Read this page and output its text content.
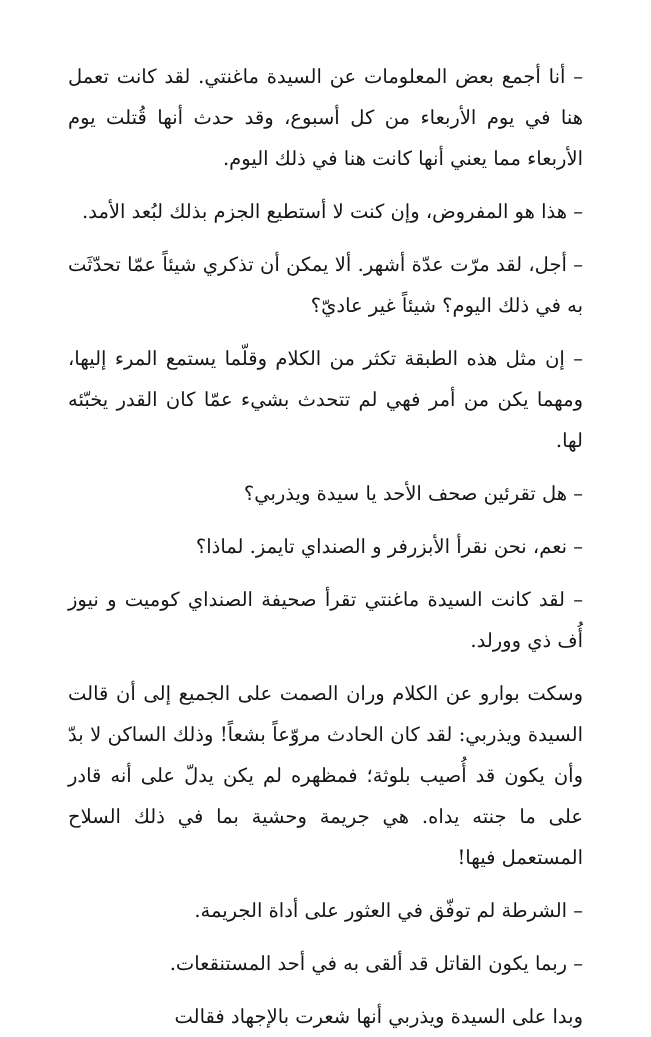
– أنا أجمع بعض المعلومات عن السيدة ماغنتي. لقد كانت تعمل هنا في يوم الأربعاء من كل أسبوع، وقد حدث أنها قُتلت يوم الأربعاء مما يعني أنها كانت هنا في ذلك اليوم.

– هذا هو المفروض، وإن كنت لا أستطيع الجزم بذلك لبُعد الأمد.

– أجل، لقد مرّت عدّة أشهر. ألا يمكن أن تذكري شيئاً عمّا تحدّثَت به في ذلك اليوم؟ شيئاً غير عاديّ؟

– إن مثل هذه الطبقة تكثر من الكلام وقلّما يستمع المرء إليها، ومهما يكن من أمر فهي لم تتحدث بشيء عمّا كان القدر يخبّئه لها.

– هل تقرئين صحف الأحد يا سيدة ويذربي؟

– نعم، نحن نقرأ الأبزرفر و الصنداي تايمز. لماذا؟

– لقد كانت السيدة ماغنتي تقرأ صحيفة الصنداي كوميت و نيوز أُف ذي وورلد.

وسكت بوارو عن الكلام وران الصمت على الجميع إلى أن قالت السيدة ويذربي: لقد كان الحادث مروّعاً بشعاً! وذلك الساكن لا بدّ وأن يكون قد أُصيب بلوثة؛ فمظهره لم يكن يدلّ على أنه قادر على ما جنته يداه. هي جريمة وحشية بما في ذلك السلاح المستعمل فيها!

– الشرطة لم توفّق في العثور على أداة الجريمة.

– ربما يكون القاتل قد ألقى به في أحد المستنقعات.

وبدا على السيدة ويذربي أنها شعرت بالإجهاد فقالت
